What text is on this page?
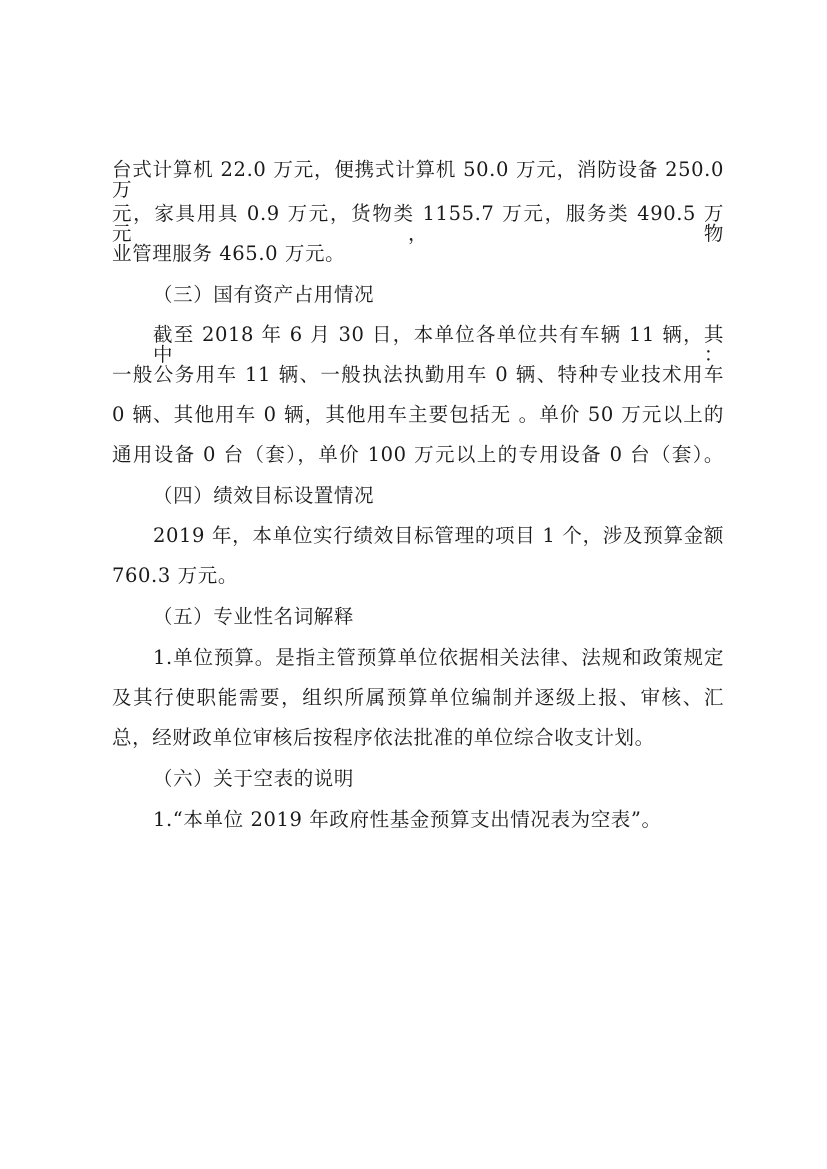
台式计算机 22.0 万元，便携式计算机 50.0 万元，消防设备 250.0 万
元，家具用具 0.9 万元，货物类 1155.7 万元，服务类 490.5 万元，物
业管理服务 465.0 万元。
（三）国有资产占用情况
截至 2018 年 6 月 30 日，本单位各单位共有车辆 11 辆，其中：
一般公务用车 11 辆、一般执法执勤用车 0 辆、特种专业技术用车
0 辆、其他用车 0 辆，其他用车主要包括无 。单价 50 万元以上的
通用设备 0 台（套），单价 100 万元以上的专用设备 0 台（套）。
（四）绩效目标设置情况
2019 年，本单位实行绩效目标管理的项目 1 个，涉及预算金额
760.3 万元。
（五）专业性名词解释
1.单位预算。是指主管预算单位依据相关法律、法规和政策规定
及其行使职能需要，组织所属预算单位编制并逐级上报、审核、汇
总，经财政单位审核后按程序依法批准的单位综合收支计划。
（六）关于空表的说明
1.“本单位 2019 年政府性基金预算支出情况表为空表”。
